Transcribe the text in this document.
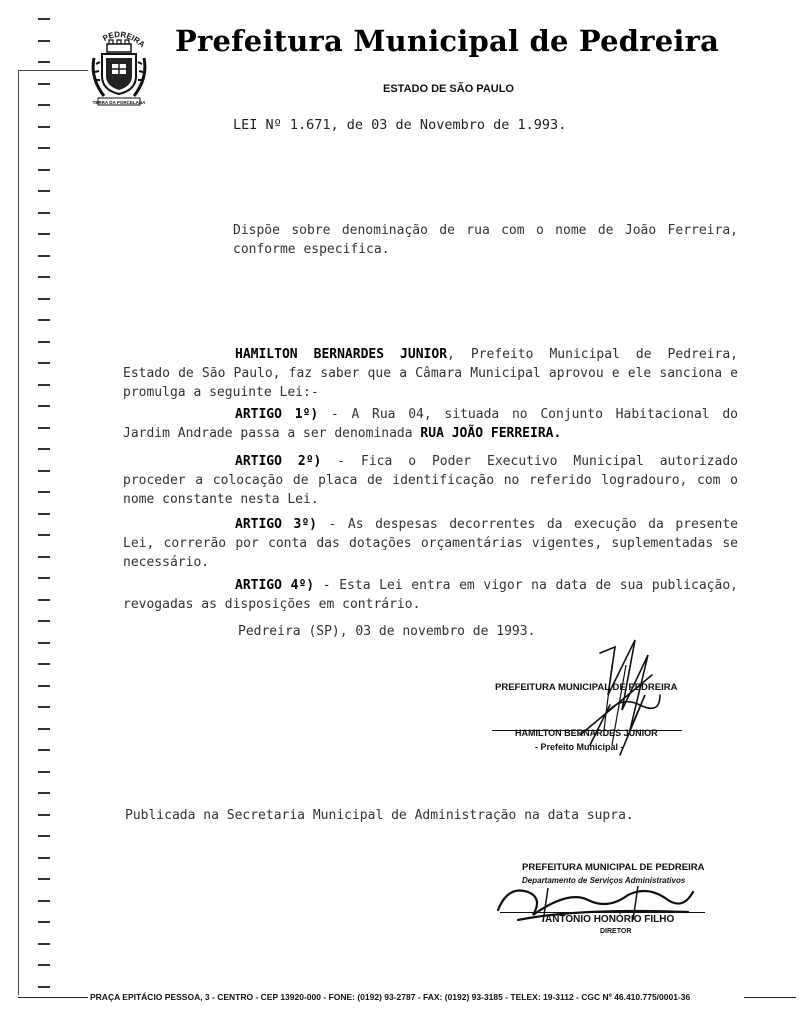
PEDREIRA
TERRA DA PORCELANA
Prefeitura Municipal de Pedreira
ESTADO DE SÃO PAULO
LEI Nº 1.671, de 03 de Novembro de 1.993.
Dispõe sobre denominação de rua com o nome de João Ferreira, conforme especifica.
HAMILTON BERNARDES JUNIOR, Prefeito Municipal de Pedreira, Estado de São Paulo, faz saber que a Câmara Municipal aprovou e ele sanciona e promulga a seguinte Lei:-
ARTIGO 1º) - A Rua 04, situada no Conjunto Habitacional do Jardim Andrade passa a ser denominada RUA JOÃO FERREIRA.
ARTIGO 2º) - Fica o Poder Executivo Municipal autorizado proceder a colocação de placa de identificação no referido logradouro, com o nome constante nesta Lei.
ARTIGO 3º) - As despesas decorrentes da execução da presente Lei, correrão por conta das dotações orçamentárias vigentes, suplementadas se necessário.
ARTIGO 4º) - Esta Lei entra em vigor na data de sua publicação, revogadas as disposições em contrário.
Pedreira (SP), 03 de novembro de 1993.
PREFEITURA MUNICIPAL DE PEDREIRA
HAMILTON BERNARDES JUNIOR
- Prefeito Municipal -
Publicada na Secretaria Municipal de Administração na data supra.
PREFEITURA MUNICIPAL DE PEDREIRA
Departamento de Serviços Administrativos
ANTONIO HONÓRIO FILHO
DIRETOR
PRAÇA EPITÁCIO PESSOA, 3 - CENTRO - CEP 13920-000 - FONE: (0192) 93-2787 - FAX: (0192) 93-3185 - TELEX: 19-3112 - CGC Nº 46.410.775/0001-36
